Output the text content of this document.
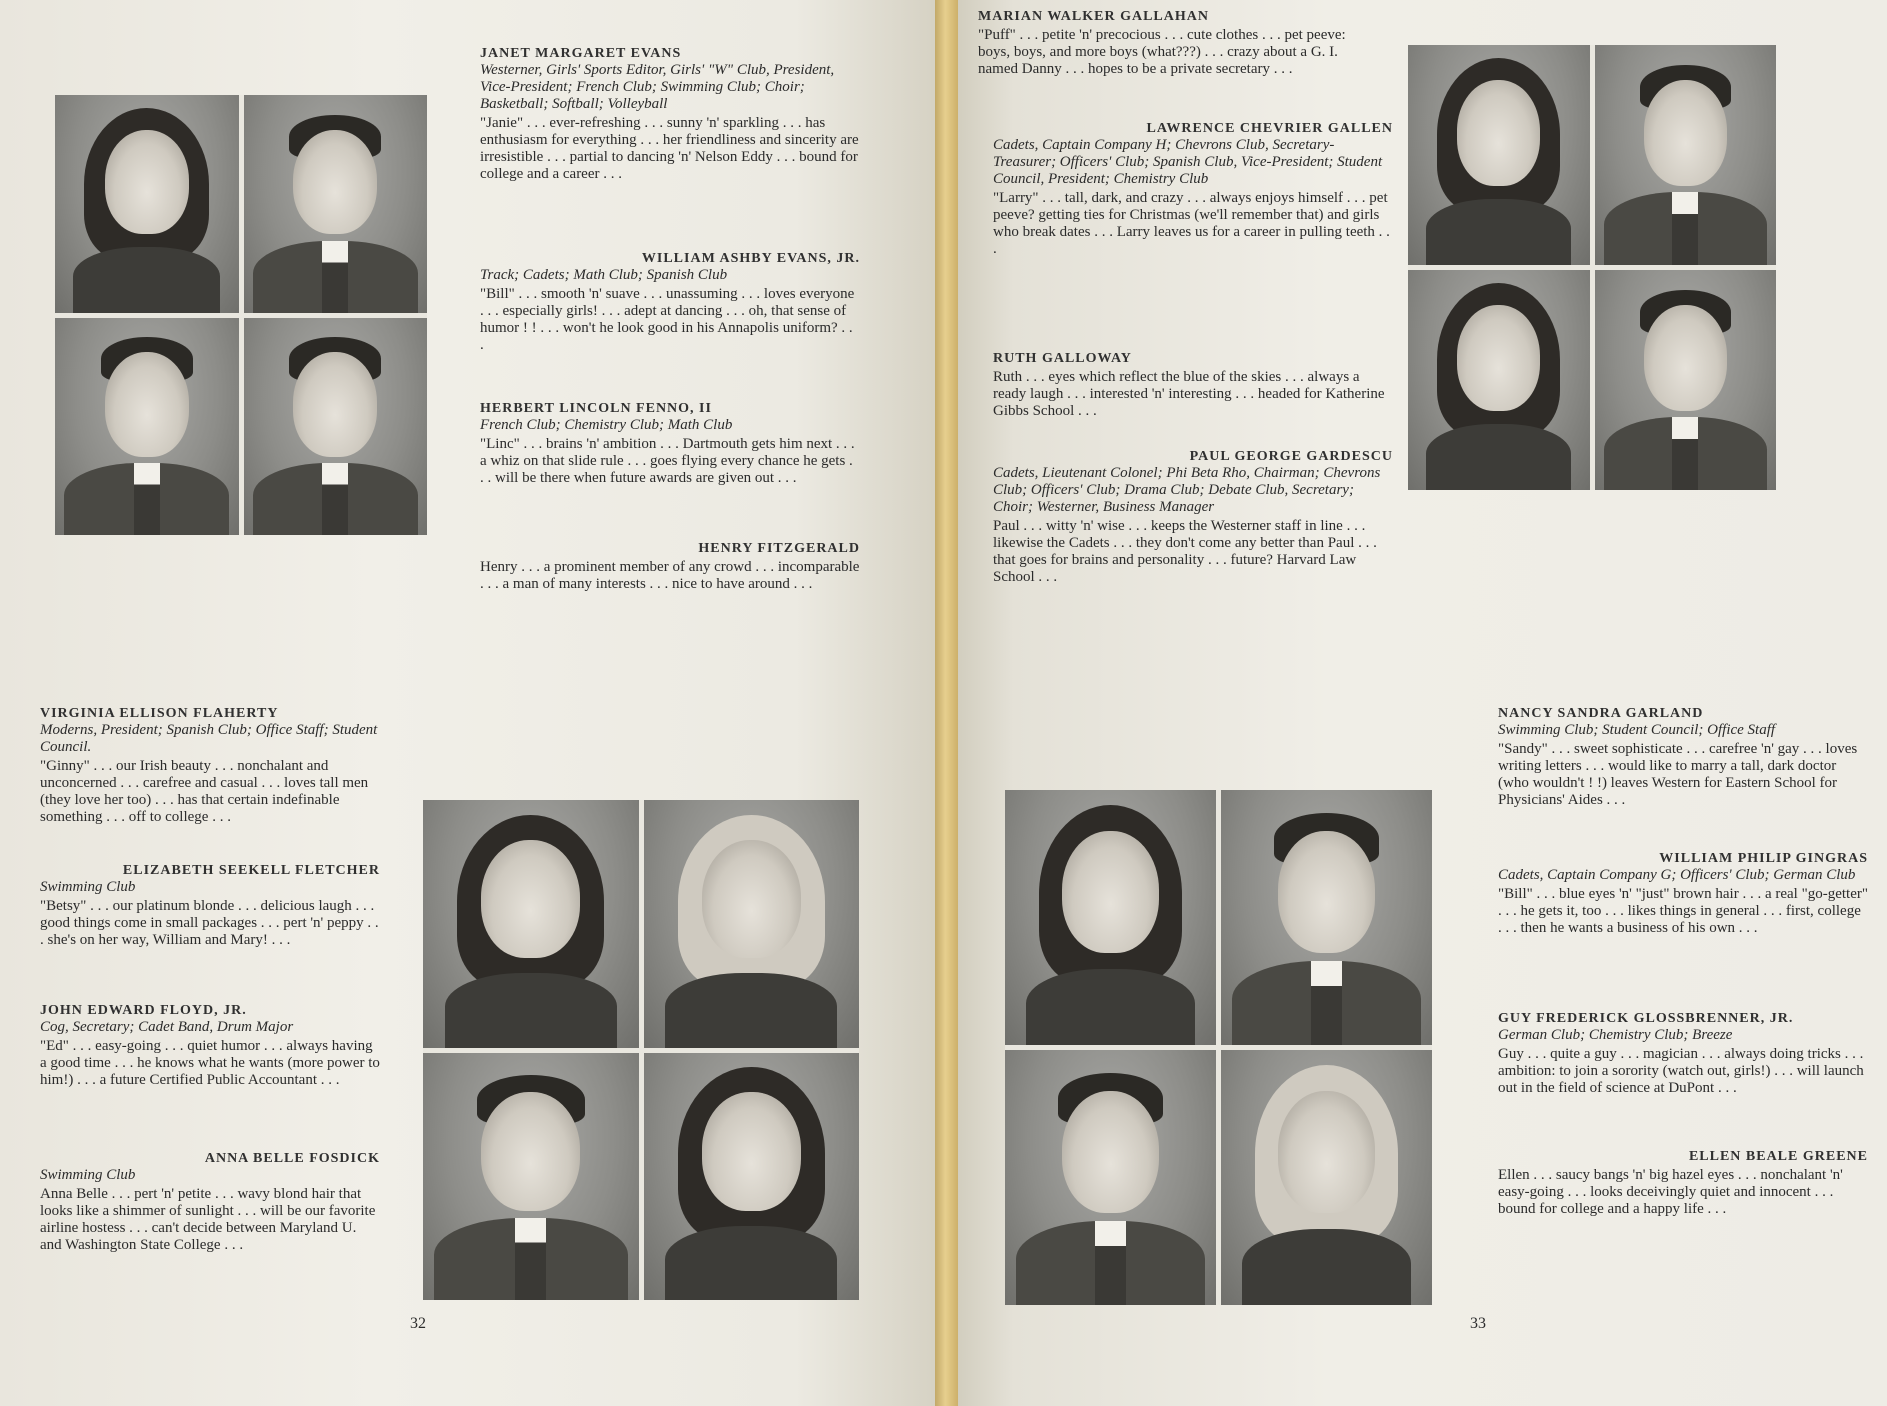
JANET MARGARET EVANS
Westerner, Girls' Sports Editor, Girls' "W" Club, President, Vice-President; French Club; Swimming Club; Choir; Basketball; Softball; Volleyball
"Janie" . . . ever-refreshing . . . sunny 'n' sparkling . . . has enthusiasm for everything . . . her friendliness and sincerity are irresistible . . . partial to dancing 'n' Nelson Eddy . . . bound for college and a career . . .
WILLIAM ASHBY EVANS, JR.
Track; Cadets; Math Club; Spanish Club
"Bill" . . . smooth 'n' suave . . . unassuming . . . loves everyone . . . especially girls! . . . adept at dancing . . . oh, that sense of humor ! ! . . . won't he look good in his Annapolis uniform? . . .
HERBERT LINCOLN FENNO, II
French Club; Chemistry Club; Math Club
"Linc" . . . brains 'n' ambition . . . Dartmouth gets him next . . . a whiz on that slide rule . . . goes flying every chance he gets . . . will be there when future awards are given out . . .
HENRY FITZGERALD
Henry . . . a prominent member of any crowd . . . incomparable . . . a man of many interests . . . nice to have around . . .
VIRGINIA ELLISON FLAHERTY
Moderns, President; Spanish Club; Office Staff; Student Council.
"Ginny" . . . our Irish beauty . . . nonchalant and unconcerned . . . carefree and casual . . . loves tall men (they love her too) . . . has that certain indefinable something . . . off to college . . .
ELIZABETH SEEKELL FLETCHER
Swimming Club
"Betsy" . . . our platinum blonde . . . delicious laugh . . . good things come in small packages . . . pert 'n' peppy . . . she's on her way, William and Mary! . . .
JOHN EDWARD FLOYD, JR.
Cog, Secretary; Cadet Band, Drum Major
"Ed" . . . easy-going . . . quiet humor . . . always having a good time . . . he knows what he wants (more power to him!) . . . a future Certified Public Accountant . . .
ANNA BELLE FOSDICK
Swimming Club
Anna Belle . . . pert 'n' petite . . . wavy blond hair that looks like a shimmer of sunlight . . . will be our favorite airline hostess . . . can't decide between Maryland U. and Washington State College . . .
32
MARIAN WALKER GALLAHAN
"Puff" . . . petite 'n' precocious . . . cute clothes . . . pet peeve: boys, boys, and more boys (what???) . . . crazy about a G. I. named Danny . . . hopes to be a private secretary . . .
LAWRENCE CHEVRIER GALLEN
Cadets, Captain Company H; Chevrons Club, Secretary-Treasurer; Officers' Club; Spanish Club, Vice-President; Student Council, President; Chemistry Club
"Larry" . . . tall, dark, and crazy . . . always enjoys himself . . . pet peeve? getting ties for Christmas (we'll remember that) and girls who break dates . . . Larry leaves us for a career in pulling teeth . . .
RUTH GALLOWAY
Ruth . . . eyes which reflect the blue of the skies . . . always a ready laugh . . . interested 'n' interesting . . . headed for Katherine Gibbs School . . .
PAUL GEORGE GARDESCU
Cadets, Lieutenant Colonel; Phi Beta Rho, Chairman; Chevrons Club; Officers' Club; Drama Club; Debate Club, Secretary; Choir; Westerner, Business Manager
Paul . . . witty 'n' wise . . . keeps the Westerner staff in line . . . likewise the Cadets . . . they don't come any better than Paul . . . that goes for brains and personality . . . future? Harvard Law School . . .
NANCY SANDRA GARLAND
Swimming Club; Student Council; Office Staff
"Sandy" . . . sweet sophisticate . . . carefree 'n' gay . . . loves writing letters . . . would like to marry a tall, dark doctor (who wouldn't ! !) leaves Western for Eastern School for Physicians' Aides . . .
WILLIAM PHILIP GINGRAS
Cadets, Captain Company G; Officers' Club; German Club
"Bill" . . . blue eyes 'n' "just" brown hair . . . a real "go-getter" . . . he gets it, too . . . likes things in general . . . first, college . . . then he wants a business of his own . . .
GUY FREDERICK GLOSSBRENNER, JR.
German Club; Chemistry Club; Breeze
Guy . . . quite a guy . . . magician . . . always doing tricks . . . ambition: to join a sorority (watch out, girls!) . . . will launch out in the field of science at DuPont . . .
ELLEN BEALE GREENE
Ellen . . . saucy bangs 'n' big hazel eyes . . . nonchalant 'n' easy-going . . . looks deceivingly quiet and innocent . . . bound for college and a happy life . . .
33
